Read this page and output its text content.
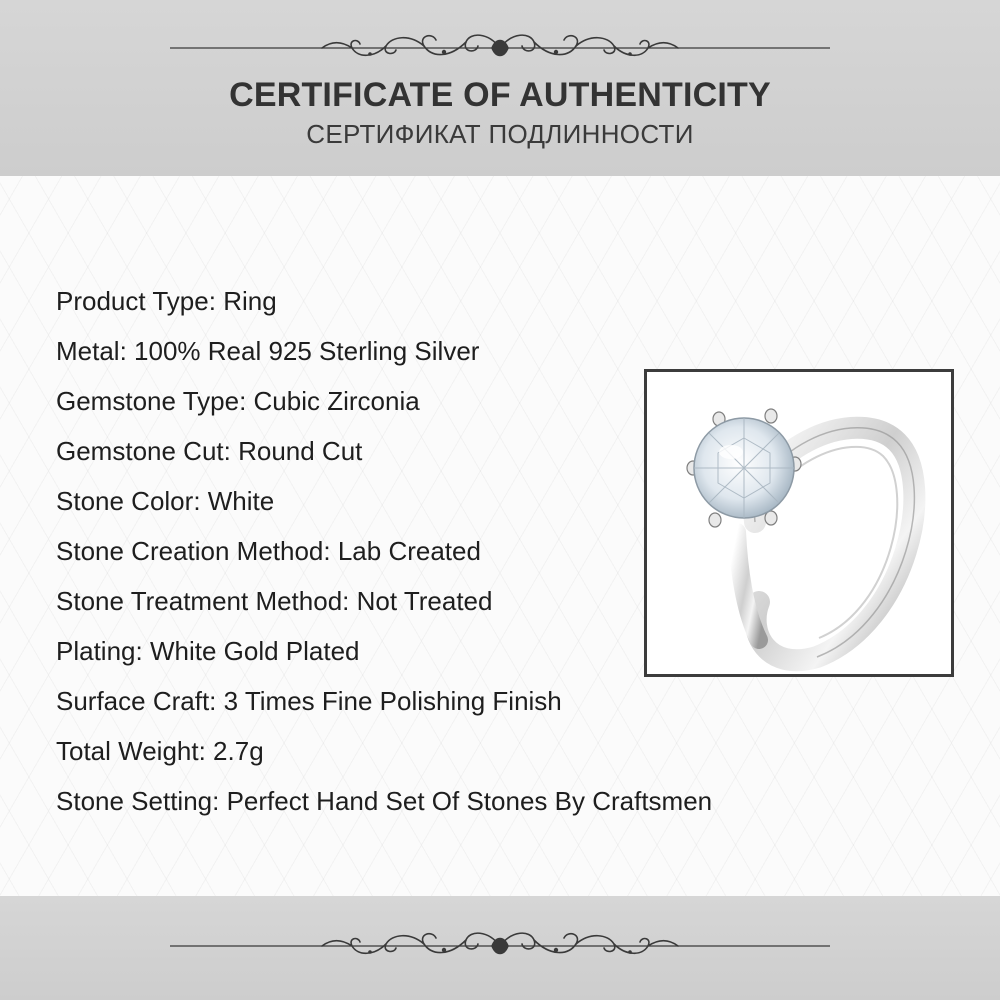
CERTIFICATE OF AUTHENTICITY
СЕРТИФИКАТ ПОДЛИННОСТИ
Product Type: Ring
Metal: 100% Real 925 Sterling Silver
Gemstone Type: Cubic Zirconia
Gemstone Cut: Round Cut
Stone Color: White
Stone Creation Method: Lab Created
Stone Treatment Method: Not Treated
Plating: White Gold Plated
Surface Craft: 3 Times Fine Polishing Finish
Total Weight: 2.7g
Stone Setting: Perfect Hand Set Of Stones By Craftsmen
